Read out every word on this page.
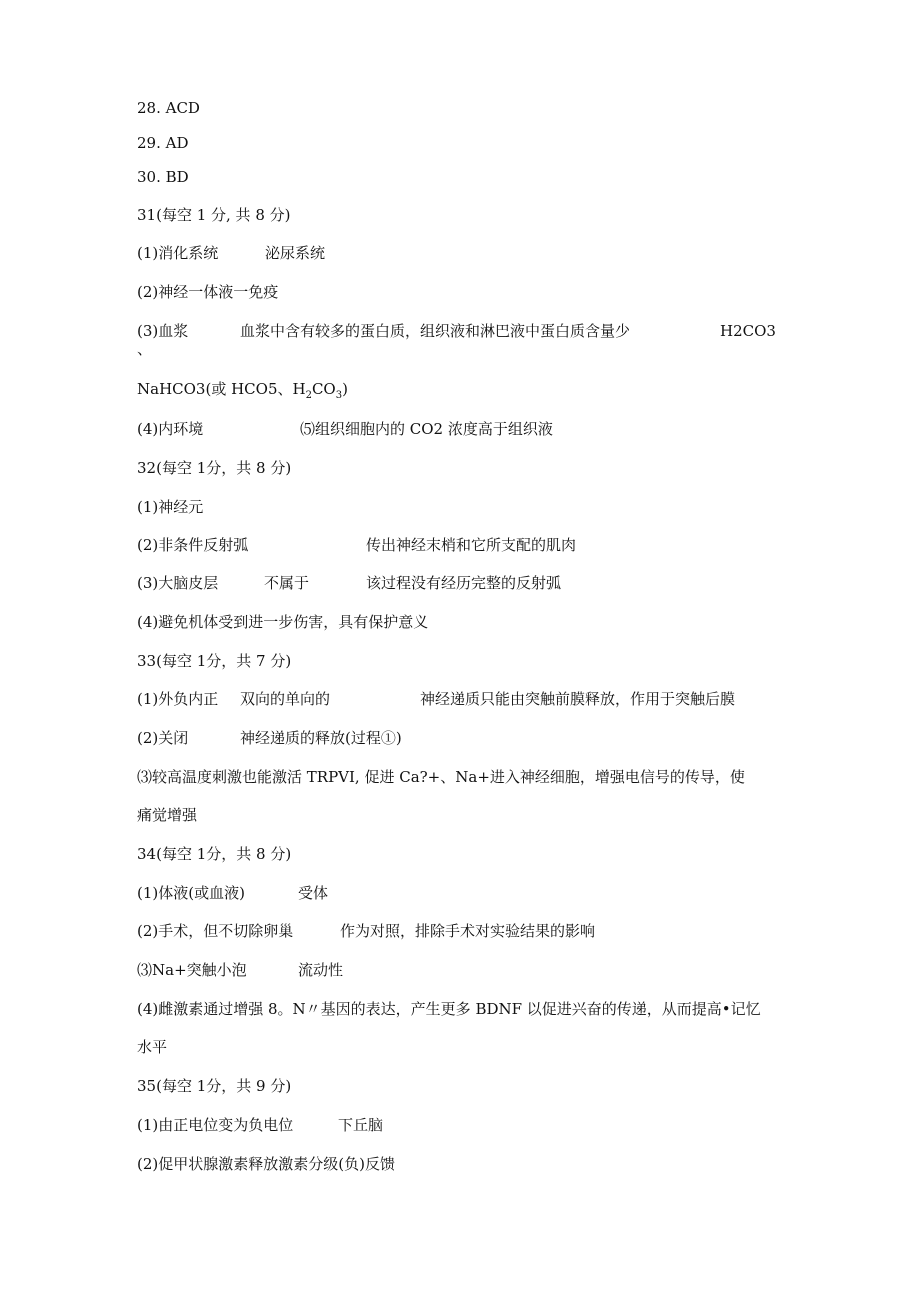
28. ACD

29. AD

30. BD

31(每空 1 分, 共 8 分)

(1)消化系统	泌尿系统

(2)神经一体液一免疫

(3)血浆	血浆中含有较多的蛋白质，组织液和淋巴液中蛋白质含量少	H2CO3
、

NaHCO3(或 HCO5、$H_2CO_3$)

(4)内环境	⑸组织细胞内的 CO2 浓度高于组织液

32(每空 1分，共 8 分)

(1)神经元

(2)非条件反射弧	传出神经末梢和它所支配的肌肉
(3)大脑皮层	不属于	该过程没有经历完整的反射弧

(4)避免机体受到进一步伤害，具有保护意义

33(每空 1分，共 7 分)

(1)外负内正 双向的单向的	神经递质只能由突触前膜释放，作用于突触后膜
(2)关闭	神经递质的释放(过程①)

⑶较高温度刺激也能激活 TRPVI, 促进 Ca?+、Na+进入神经细胞，增强电信号的传导，使

痛觉增强

34(每空 1分，共 8 分)

(1)体液(或血液)	受体
(2)手术，但不切除卵巢	作为对照，排除手术对实验结果的影响
⑶Na+突触小泡	流动性

(4)雌激素通过增强 8。N〃基因的表达，产生更多 BDNF 以促进兴奋的传递，从而提高•记忆

水平

35(每空 1分，共 9 分)

(1)由正电位变为负电位	下丘脑

(2)促甲状腺激素释放激素分级(负)反馈
